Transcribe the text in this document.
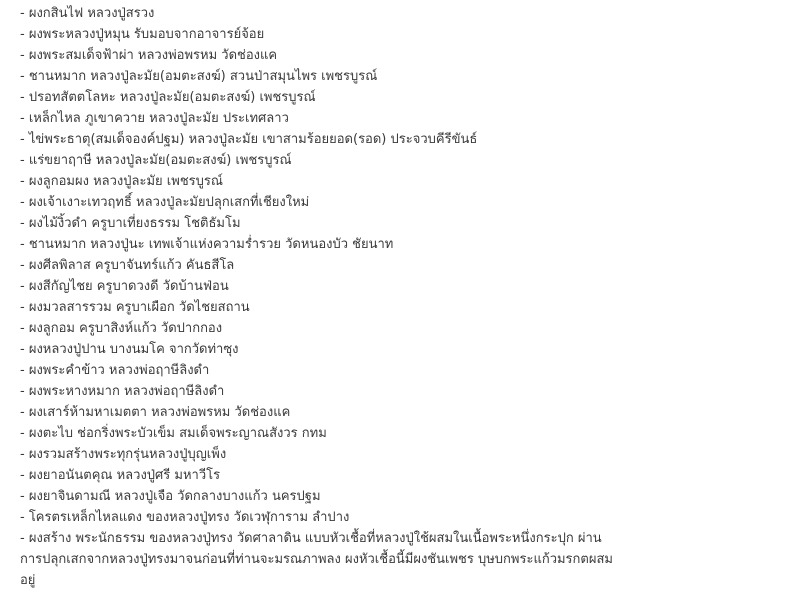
- ผงกสินไฟ หลวงปู่สรวง
- ผงพระหลวงปู่หมุน รับมอบจากอาจารย์จ้อย
- ผงพระสมเด็จฟ้าผ่า หลวงพ่อพรหม วัดช่องแค
- ชานหมาก หลวงปู่ละมัย(อมตะสงฆ์) สวนป่าสมุนไพร เพชรบูรณ์
- ปรอทสัตตโลหะ หลวงปู่ละมัย(อมตะสงฆ์) เพชรบูรณ์
- เหล็กไหล ภูเขาควาย หลวงปู่ละมัย ประเทศลาว
- ไข่พระธาตุ(สมเด็จองค์ปฐม) หลวงปู่ละมัย เขาสามร้อยยอด(รอด) ประจวบคีรีขันธ์
- แร่ขยาฤาษี หลวงปู่ละมัย(อมตะสงฆ์) เพชรบูรณ์
- ผงลูกอมผง หลวงปู่ละมัย เพชรบูรณ์
- ผงเจ้าเงาะเทวฤทธิ์ หลวงปู่ละมัยปลุกเสกที่เชียงใหม่
- ผงไม้งิ้วดำ ครูบาเที่ยงธรรม โชติธัมโม
- ชานหมาก หลวงปู่นะ เทพเจ้าแห่งความร่ำรวย วัดหนองบัว ชัยนาท
- ผงศีลพิลาส ครูบาจันทร์แก้ว คันธสีโล
- ผงสีกัญไชย ครูบาดวงดี วัดบ้านฟ่อน
- ผงมวลสารรวม ครูบาเผือก วัดไชยสถาน
- ผงลูกอม ครูบาสิงห์แก้ว วัดปากกอง
- ผงหลวงปู่ปาน บางนมโค จากวัดท่าซุง
- ผงพระคำข้าว หลวงพ่อฤาษีลิงดำ
- ผงพระหางหมาก หลวงพ่อฤาษีลิงดำ
- ผงเสาร์ห้ามหาเมตตา หลวงพ่อพรหม วัดช่องแค
- ผงตะไบ ช่อกริ่งพระบัวเข็ม สมเด็จพระญาณสังวร กทม
- ผงรวมสร้างพระทุกรุ่นหลวงปู่บุญเพ็ง
- ผงยาอนันตคุณ หลวงปู่ศรี มหาวีโร
- ผงยาจินดามณี หลวงปู่เจือ วัดกลางบางแก้ว นครปฐม
- โครตรเหล็กไหลแดง ของหลวงปู่ทรง วัดเวฬุการาม ลำปาง
- ผงสร้าง พระนักธรรม ของหลวงปู่ทรง วัดศาลาดิน แบบหัวเชื้อที่หลวงปู่ใช้ผสมในเนื้อพระหนึ่งกระปุก ผ่านการปลุกเสกจากหลวงปู่ทรงมาจนก่อนที่ท่านจะมรณภาพลง ผงหัวเชื้อนี้มีผงชันเพชร บุษบกพระแก้วมรกตผสมอยู่
